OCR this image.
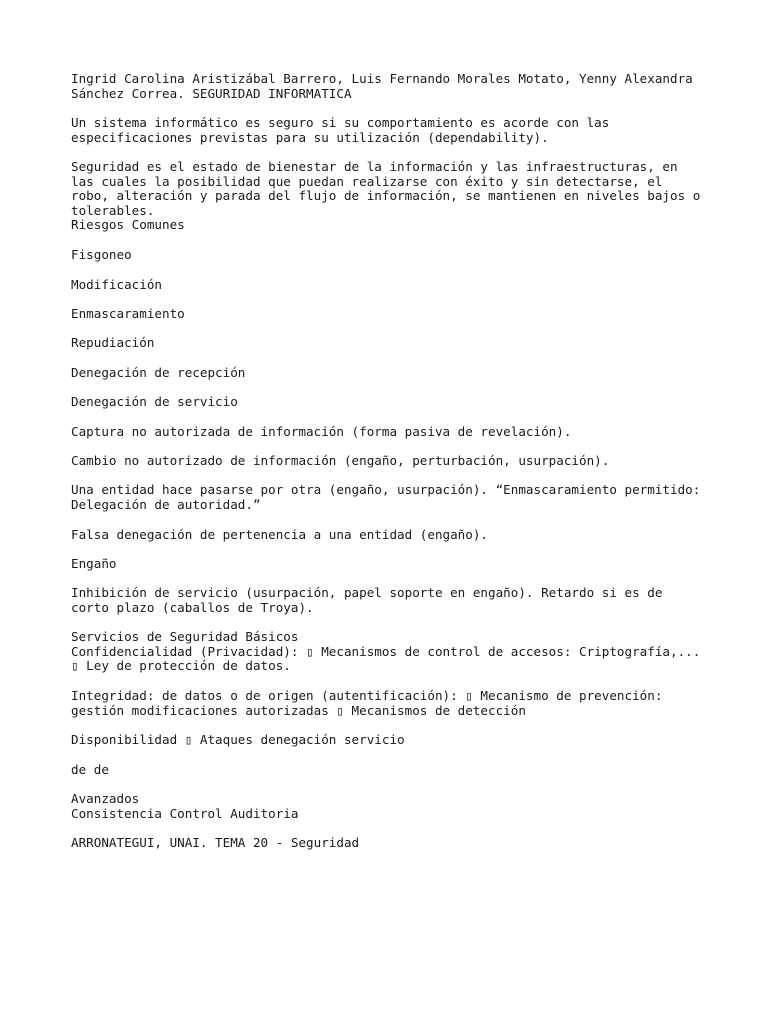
Ingrid Carolina Aristizábal Barrero, Luis Fernando Morales Motato, Yenny Alexandra
Sánchez Correa. SEGURIDAD INFORMATICA

Un sistema informático es seguro si su comportamiento es acorde con las
especificaciones previstas para su utilización (dependability).

Seguridad es el estado de bienestar de la información y las infraestructuras, en
las cuales la posibilidad que puedan realizarse con éxito y sin detectarse, el
robo, alteración y parada del flujo de información, se mantienen en niveles bajos o
tolerables.
Riesgos Comunes

Fisgoneo

Modificación

Enmascaramiento

Repudiación

Denegación de recepción

Denegación de servicio

Captura no autorizada de información (forma pasiva de revelación).

Cambio no autorizado de información (engaño, perturbación, usurpación).

Una entidad hace pasarse por otra (engaño, usurpación). “Enmascaramiento permitido:
Delegación de autoridad.”

Falsa denegación de pertenencia a una entidad (engaño).

Engaño

Inhibición de servicio (usurpación, papel soporte en engaño). Retardo si es de
corto plazo (caballos de Troya).

Servicios de Seguridad Básicos
Confidencialidad (Privacidad): ▯ Mecanismos de control de accesos: Criptografía,...
▯ Ley de protección de datos.

Integridad: de datos o de origen (autentificación): ▯ Mecanismo de prevención:
gestión modificaciones autorizadas ▯ Mecanismos de detección

Disponibilidad ▯ Ataques denegación servicio

de de

Avanzados
Consistencia Control Auditoria

ARRONATEGUI, UNAI. TEMA 20 - Seguridad
